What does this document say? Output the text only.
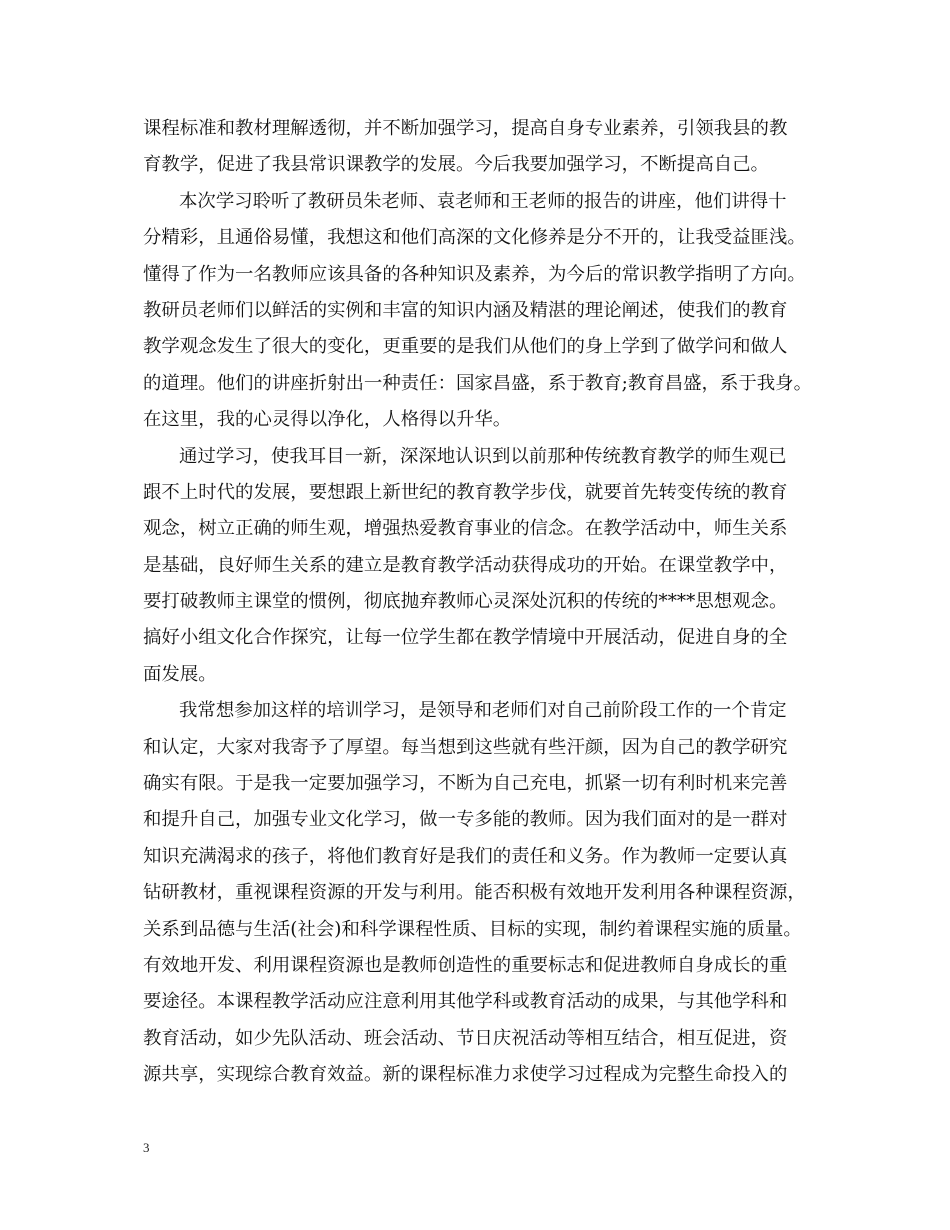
课程标准和教材理解透彻，并不断加强学习，提高自身专业素养，引领我县的教
育教学，促进了我县常识课教学的发展。今后我要加强学习，不断提高自己。
本次学习聆听了教研员朱老师、袁老师和王老师的报告的讲座，他们讲得十
分精彩，且通俗易懂，我想这和他们高深的文化修养是分不开的，让我受益匪浅。
懂得了作为一名教师应该具备的各种知识及素养，为今后的常识教学指明了方向。
教研员老师们以鲜活的实例和丰富的知识内涵及精湛的理论阐述，使我们的教育
教学观念发生了很大的变化，更重要的是我们从他们的身上学到了做学问和做人
的道理。他们的讲座折射出一种责任：国家昌盛，系于教育;教育昌盛，系于我身。
在这里，我的心灵得以净化，人格得以升华。
通过学习，使我耳目一新，深深地认识到以前那种传统教育教学的师生观已
跟不上时代的发展，要想跟上新世纪的教育教学步伐，就要首先转变传统的教育
观念，树立正确的师生观，增强热爱教育事业的信念。在教学活动中，师生关系
是基础，良好师生关系的建立是教育教学活动获得成功的开始。在课堂教学中，
要打破教师主课堂的惯例，彻底抛弃教师心灵深处沉积的传统的****思想观念。
搞好小组文化合作探究，让每一位学生都在教学情境中开展活动，促进自身的全
面发展。
我常想参加这样的培训学习，是领导和老师们对自己前阶段工作的一个肯定
和认定，大家对我寄予了厚望。每当想到这些就有些汗颜，因为自己的教学研究
确实有限。于是我一定要加强学习，不断为自己充电，抓紧一切有利时机来完善
和提升自己，加强专业文化学习，做一专多能的教师。因为我们面对的是一群对
知识充满渴求的孩子，将他们教育好是我们的责任和义务。作为教师一定要认真
钻研教材，重视课程资源的开发与利用。能否积极有效地开发利用各种课程资源，
关系到品德与生活(社会)和科学课程性质、目标的实现，制约着课程实施的质量。
有效地开发、利用课程资源也是教师创造性的重要标志和促进教师自身成长的重
要途径。本课程教学活动应注意利用其他学科或教育活动的成果，与其他学科和
教育活动，如少先队活动、班会活动、节日庆祝活动等相互结合，相互促进，资
源共享，实现综合教育效益。新的课程标准力求使学习过程成为完整生命投入的
3
